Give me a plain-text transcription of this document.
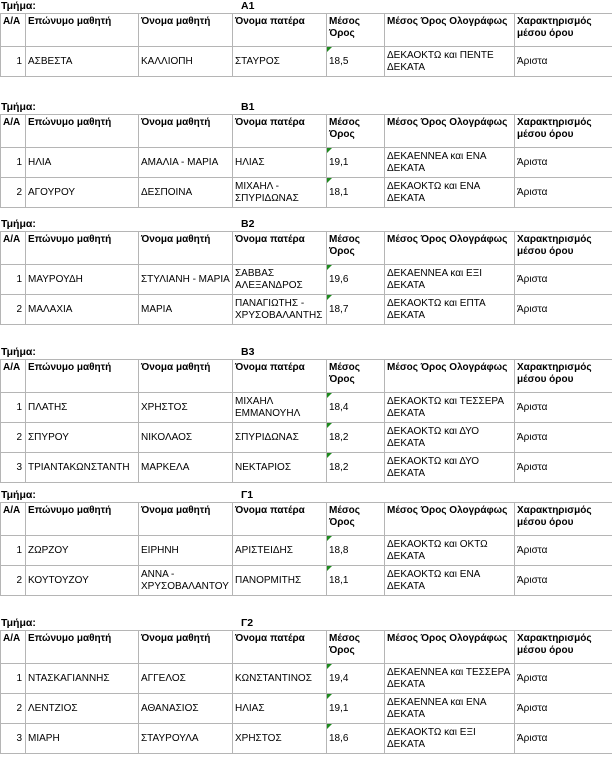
Τμήμα:	Α1
Α/Α	Επώνυμο μαθητή	Όνομα μαθητή	Όνομα πατέρα	Μέσος Όρος	Μέσος Όρος Ολογράφως	Χαρακτηρισμός μέσου όρου
1	ΑΣΒΕΣΤΑ	ΚΑΛΛΙΟΠΗ	ΣΤΑΥΡΟΣ	18,5	ΔΕΚΑΟΚΤΩ και ΠΕΝΤΕ ΔΕΚΑΤΑ	Άριστα
Τμήμα:	Β1
Α/Α	Επώνυμο μαθητή	Όνομα μαθητή	Όνομα πατέρα	Μέσος Όρος	Μέσος Όρος Ολογράφως	Χαρακτηρισμός μέσου όρου
1	ΗΛΙΑ	ΑΜΑΛΙΑ - ΜΑΡΙΑ	ΗΛΙΑΣ	19,1	ΔΕΚΑΕΝΝΕΑ και ΕΝΑ ΔΕΚΑΤΑ	Άριστα
2	ΑΓΟΥΡΟΥ	ΔΕΣΠΟΙΝΑ	ΜΙΧΑΗΛ - ΣΠΥΡΙΔΩΝΑΣ	18,1	ΔΕΚΑΟΚΤΩ και ΕΝΑ ΔΕΚΑΤΑ	Άριστα
Τμήμα:	Β2
Α/Α	Επώνυμο μαθητή	Όνομα μαθητή	Όνομα πατέρα	Μέσος Όρος	Μέσος Όρος Ολογράφως	Χαρακτηρισμός μέσου όρου
1	ΜΑΥΡΟΥΔΗ	ΣΤΥΛΙΑΝΗ - ΜΑΡΙΑ	ΣΑΒΒΑΣ ΑΛΕΞΑΝΔΡΟΣ	19,6	ΔΕΚΑΕΝΝΕΑ και ΕΞΙ ΔΕΚΑΤΑ	Άριστα
2	ΜΑΛΑΧΙΑ	ΜΑΡΙΑ	ΠΑΝΑΓΙΩΤΗΣ - ΧΡΥΣΟΒΑΛΑΝΤΗΣ	18,7	ΔΕΚΑΟΚΤΩ και ΕΠΤΑ ΔΕΚΑΤΑ	Άριστα
Τμήμα:	Β3
Α/Α	Επώνυμο μαθητή	Όνομα μαθητή	Όνομα πατέρα	Μέσος Όρος	Μέσος Όρος Ολογράφως	Χαρακτηρισμός μέσου όρου
1	ΠΛΑΤΗΣ	ΧΡΗΣΤΟΣ	ΜΙΧΑΗΛ ΕΜΜΑΝΟΥΗΛ	18,4	ΔΕΚΑΟΚΤΩ και ΤΕΣΣΕΡΑ ΔΕΚΑΤΑ	Άριστα
2	ΣΠΥΡΟΥ	ΝΙΚΟΛΑΟΣ	ΣΠΥΡΙΔΩΝΑΣ	18,2	ΔΕΚΑΟΚΤΩ και ΔΥΟ ΔΕΚΑΤΑ	Άριστα
3	ΤΡΙΑΝΤΑΚΩΝΣΤΑΝΤΗ	ΜΑΡΚΕΛΑ	ΝΕΚΤΑΡΙΟΣ	18,2	ΔΕΚΑΟΚΤΩ και ΔΥΟ ΔΕΚΑΤΑ	Άριστα
Τμήμα:	Γ1
Α/Α	Επώνυμο μαθητή	Όνομα μαθητή	Όνομα πατέρα	Μέσος Όρος	Μέσος Όρος Ολογράφως	Χαρακτηρισμός μέσου όρου
1	ΖΩΡΖΟΥ	ΕΙΡΗΝΗ	ΑΡΙΣΤΕΙΔΗΣ	18,8	ΔΕΚΑΟΚΤΩ και ΟΚΤΩ ΔΕΚΑΤΑ	Άριστα
2	ΚΟΥΤΟΥΖΟΥ	ΑΝΝΑ - ΧΡΥΣΟΒΑΛΑΝΤΟΥ	ΠΑΝΟΡΜΙΤΗΣ	18,1	ΔΕΚΑΟΚΤΩ και ΕΝΑ ΔΕΚΑΤΑ	Άριστα
Τμήμα:	Γ2
Α/Α	Επώνυμο μαθητή	Όνομα μαθητή	Όνομα πατέρα	Μέσος Όρος	Μέσος Όρος Ολογράφως	Χαρακτηρισμός μέσου όρου
1	ΝΤΑΣΚΑΓΙΑΝΝΗΣ	ΑΓΓΕΛΟΣ	ΚΩΝΣΤΑΝΤΙΝΟΣ	19,4	ΔΕΚΑΕΝΝΕΑ και ΤΕΣΣΕΡΑ ΔΕΚΑΤΑ	Άριστα
2	ΛΕΝΤΖΙΟΣ	ΑΘΑΝΑΣΙΟΣ	ΗΛΙΑΣ	19,1	ΔΕΚΑΕΝΝΕΑ και ΕΝΑ ΔΕΚΑΤΑ	Άριστα
3	ΜΙΑΡΗ	ΣΤΑΥΡΟΥΛΑ	ΧΡΗΣΤΟΣ	18,6	ΔΕΚΑΟΚΤΩ και ΕΞΙ ΔΕΚΑΤΑ	Άριστα
